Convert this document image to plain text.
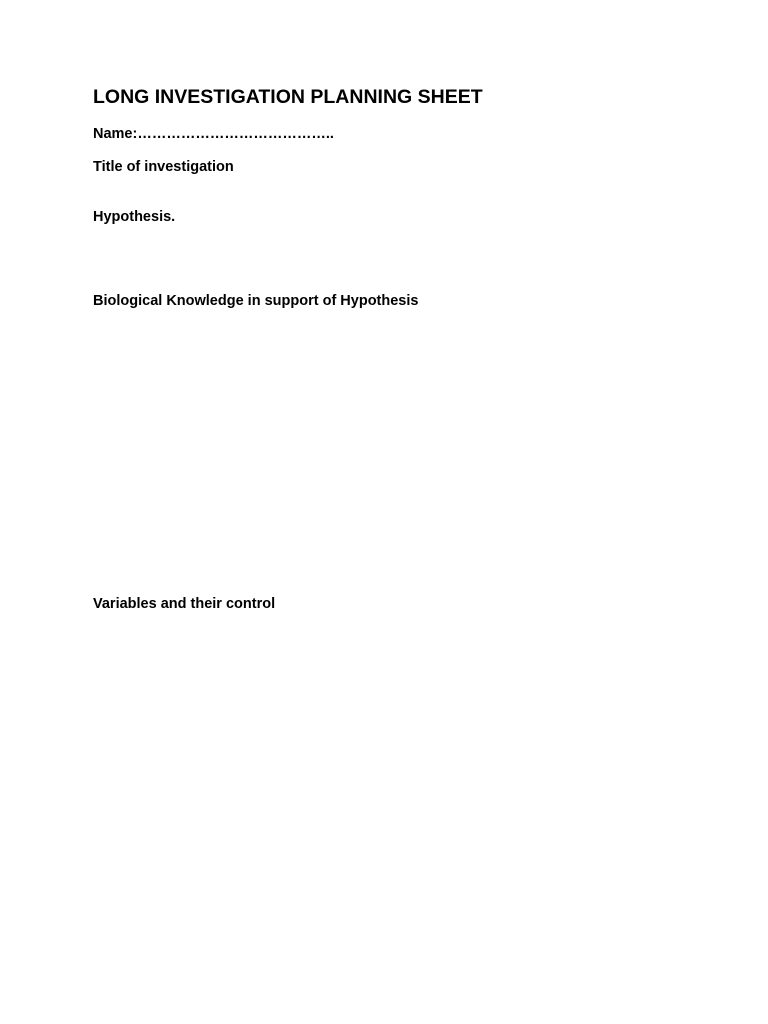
LONG INVESTIGATION PLANNING SHEET
Name:…………………………………..
Title of investigation
Hypothesis.
Biological Knowledge in support of Hypothesis
Variables and their control
